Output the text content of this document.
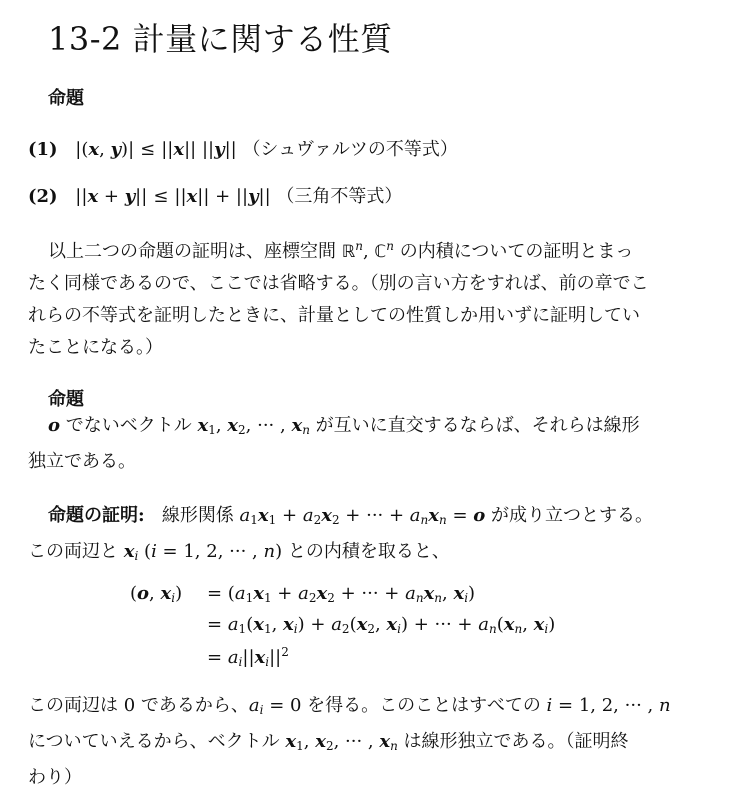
13-2 計量に関する性質
命題
(1) |(x, y)| ≤ ||x|| ||y|| （シュヴァルツの不等式）
(2) ||x + y|| ≤ ||x|| + ||y|| （三角不等式）
以上二つの命題の証明は、座標空間 ℝ$^n$, ℂ$^n$ の内積についての証明とまっ
たく同様であるので、ここでは省略する。（別の言い方をすれば、前の章でこ
れらの不等式を証明したときに、計量としての性質しか用いずに証明してい
たことになる。）
命題
o でないベクトル $x_1$, $x_2$, ··· , $x_n$ が互いに直交するならば、それらは線形
独立である。
命題の証明:   線形関係 $a_1x_1 + a_2x_2$ + ··· + $a_nx_n = o$ が成り立つとする。
この両辺と $x_i$ (i = 1, 2, ··· , n) との内積を取ると、
(o, $x_i) = (a_1x_1 + a_2x_2$ + ··· + $a_nx_n$, $x_i$)
= $a_1(x_1$, $x_i) + a_2(x_2$, $x_i$) + ··· + $a_n(x_n$, $x_i$)
= $a_i||x_i||^2$
この両辺は 0 であるから、$a_i = 0$ を得る。このことはすべての i = 1, 2, ··· , n
についていえるから、ベクトル $x_1$, $x_2$, ··· , $x_n$ は線形独立である。（証明終
わり）
